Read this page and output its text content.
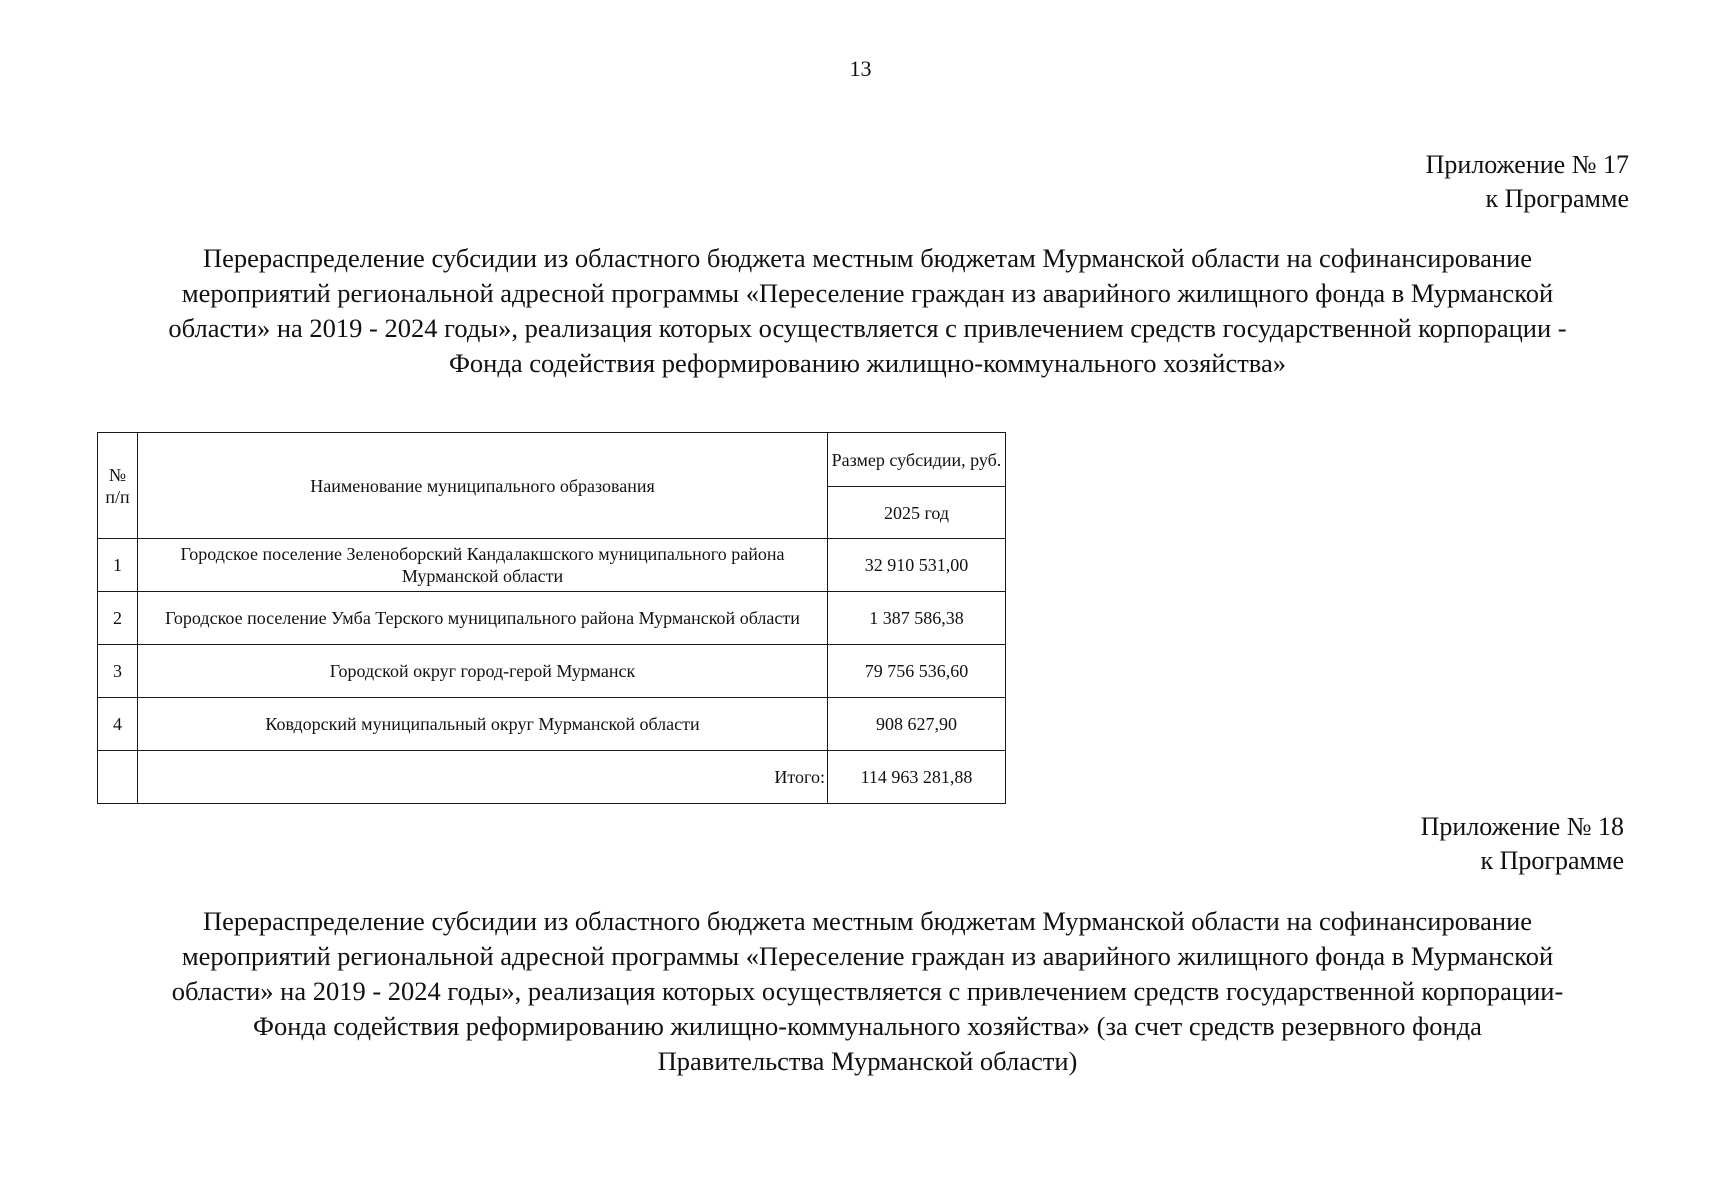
13
Приложение № 17
к Программе
Перераспределение субсидии из областного бюджета местным бюджетам Мурманской области на софинансирование
мероприятий региональной адресной программы «Переселение граждан из аварийного жилищного фонда в Мурманской
области» на 2019 - 2024 годы», реализация которых осуществляется с привлечением средств государственной корпорации -
Фонда содействия реформированию жилищно-коммунального хозяйства»
№ п/п	Наименование муниципального образования	Размер субсидии, руб.
		2025 год
1	Городское поселение Зеленоборский Кандалакшского муниципального района Мурманской области	32 910 531,00
2	Городское поселение Умба Терского муниципального района Мурманской области	1 387 586,38
3	Городской округ город-герой Мурманск	79 756 536,60
4	Ковдорский муниципальный округ Мурманской области	908 627,90
	Итого:	114 963 281,88
Приложение № 18
к Программе
Перераспределение субсидии из областного бюджета местным бюджетам Мурманской области на софинансирование
мероприятий региональной адресной программы «Переселение граждан из аварийного жилищного фонда в Мурманской
области» на 2019 - 2024 годы», реализация которых осуществляется с привлечением средств государственной корпорации-
Фонда содействия реформированию жилищно-коммунального хозяйства» (за счет средств резервного фонда
Правительства Мурманской области)
